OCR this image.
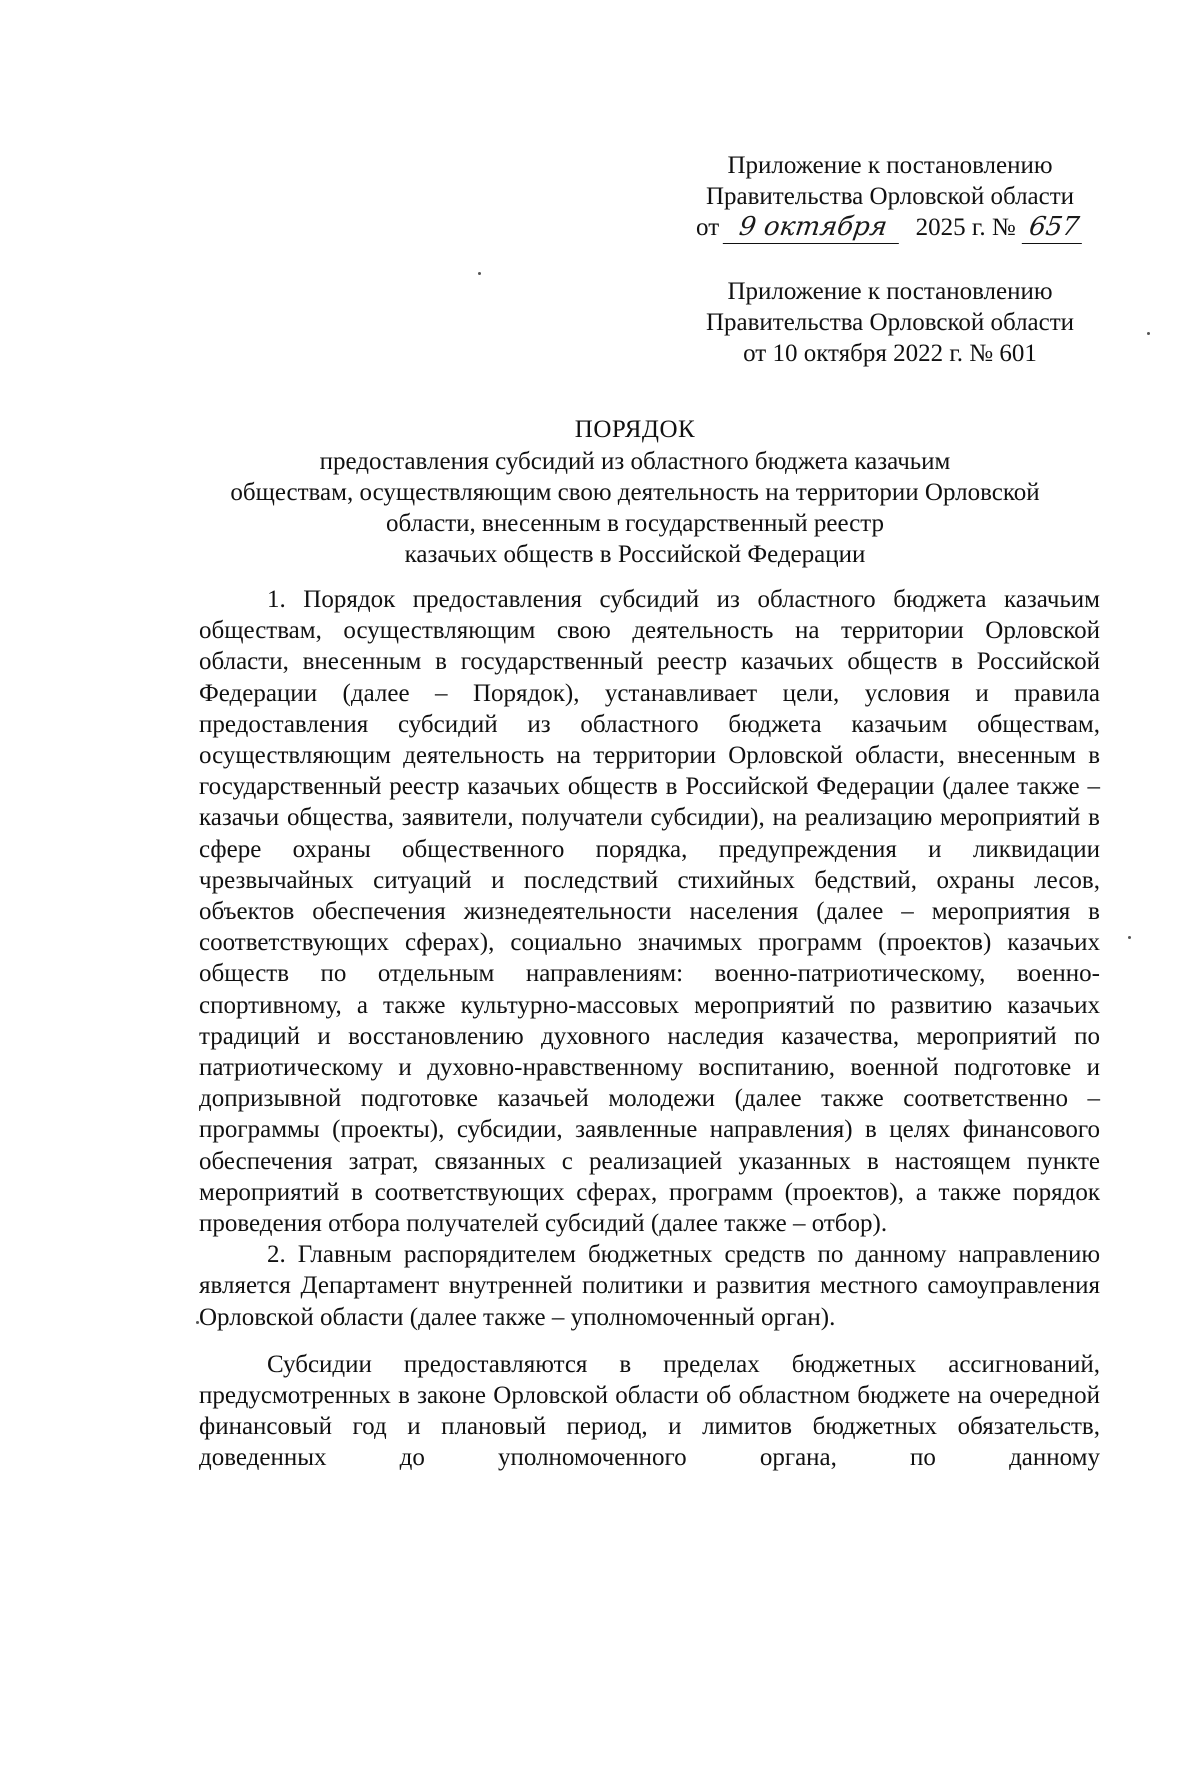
Приложение к постановлению
Правительства Орловской области
от 9 октября 2025 г. № 657
Приложение к постановлению
Правительства Орловской области
от 10 октября 2022 г. № 601
ПОРЯДОК
предоставления субсидий из областного бюджета казачьим
обществам, осуществляющим свою деятельность на территории Орловской
области, внесенным в государственный реестр
казачьих обществ в Российской Федерации

1. Порядок предоставления субсидий из областного бюджета казачьим обществам, осуществляющим свою деятельность на территории Орловской области, внесенным в государственный реестр казачьих обществ в Российской Федерации (далее – Порядок), устанавливает цели, условия и правила предоставления субсидий из областного бюджета казачьим обществам, осуществляющим деятельность на территории Орловской области, внесенным в государственный реестр казачьих обществ в Российской Федерации (далее также – казачьи общества, заявители, получатели субсидии), на реализацию мероприятий в сфере охраны общественного порядка, предупреждения и ликвидации чрезвычайных ситуаций и последствий стихийных бедствий, охраны лесов, объектов обеспечения жизнедеятельности населения (далее – мероприятия в соответствующих сферах), социально значимых программ (проектов) казачьих обществ по отдельным направлениям: военно-патриотическому, военно-спортивному, а также культурно-массовых мероприятий по развитию казачьих традиций и восстановлению духовного наследия казачества, мероприятий по патриотическому и духовно-нравственному воспитанию, военной подготовке и допризывной подготовке казачьей молодежи (далее также соответственно – программы (проекты), субсидии, заявленные направления) в целях финансового обеспечения затрат, связанных с реализацией указанных в настоящем пункте мероприятий в соответствующих сферах, программ (проектов), а также порядок проведения отбора получателей субсидий (далее также – отбор).

2. Главным распорядителем бюджетных средств по данному направлению является Департамент внутренней политики и развития местного самоуправления Орловской области (далее также – уполномоченный орган).

Субсидии предоставляются в пределах бюджетных ассигнований, предусмотренных в законе Орловской области об областном бюджете на очередной финансовый год и плановый период, и лимитов бюджетных обязательств, доведенных до уполномоченного органа, по данному
